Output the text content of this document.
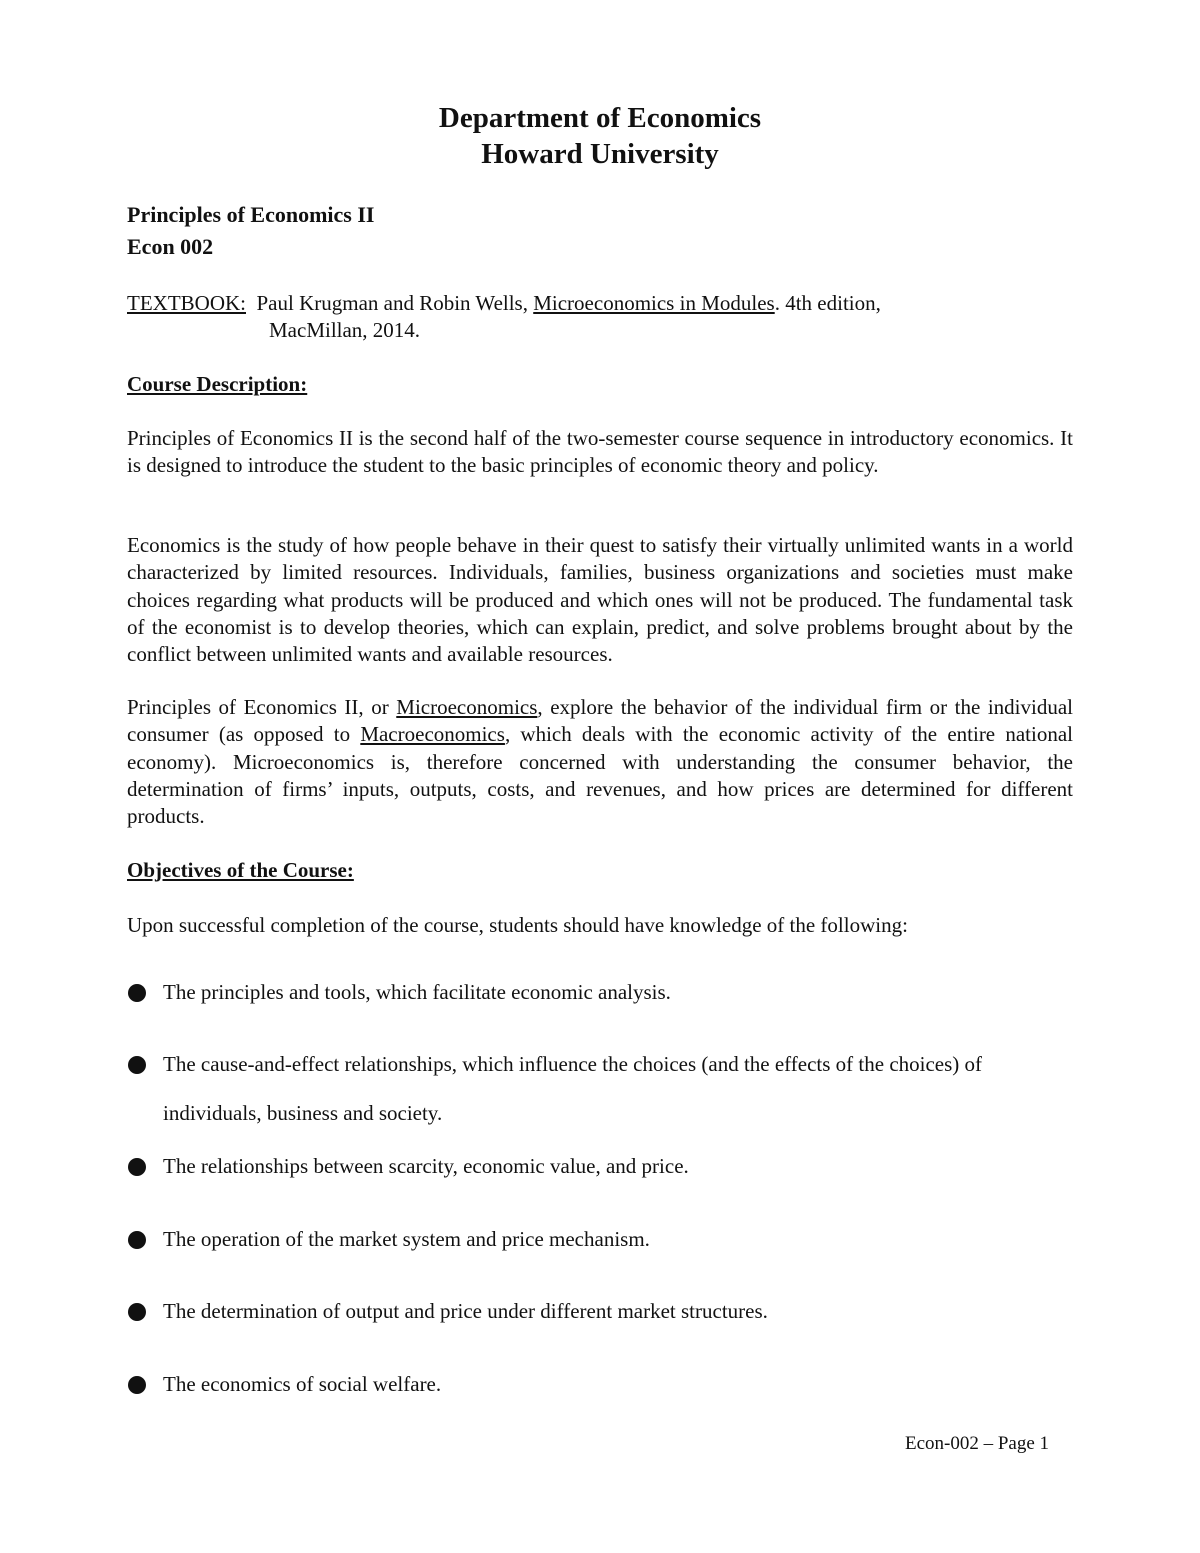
Department of Economics
Howard University
Principles of Economics II
Econ 002
TEXTBOOK: Paul Krugman and Robin Wells, Microeconomics in Modules. 4th edition,
MacMillan, 2014.
Course Description:

Principles of Economics II is the second half of the two-semester course sequence in introductory economics. It is designed to introduce the student to the basic principles of economic theory and policy.

Economics is the study of how people behave in their quest to satisfy their virtually unlimited wants in a world characterized by limited resources. Individuals, families, business organizations and societies must make choices regarding what products will be produced and which ones will not be produced. The fundamental task of the economist is to develop theories, which can explain, predict, and solve problems brought about by the conflict between unlimited wants and available resources.

Principles of Economics II, or Microeconomics, explore the behavior of the individual firm or the individual consumer (as opposed to Macroeconomics, which deals with the economic activity of the entire national economy). Microeconomics is, therefore concerned with understanding the consumer behavior, the determination of firms’ inputs, outputs, costs, and revenues, and how prices are determined for different products.

Objectives of the Course:

Upon successful completion of the course, students should have knowledge of the following:

The principles and tools, which facilitate economic analysis.
The cause-and-effect relationships, which influence the choices (and the effects of the choices) of individuals, business and society.
The relationships between scarcity, economic value, and price.
The operation of the market system and price mechanism.
The determination of output and price under different market structures.
The economics of social welfare.
Econ-002 – Page 1
